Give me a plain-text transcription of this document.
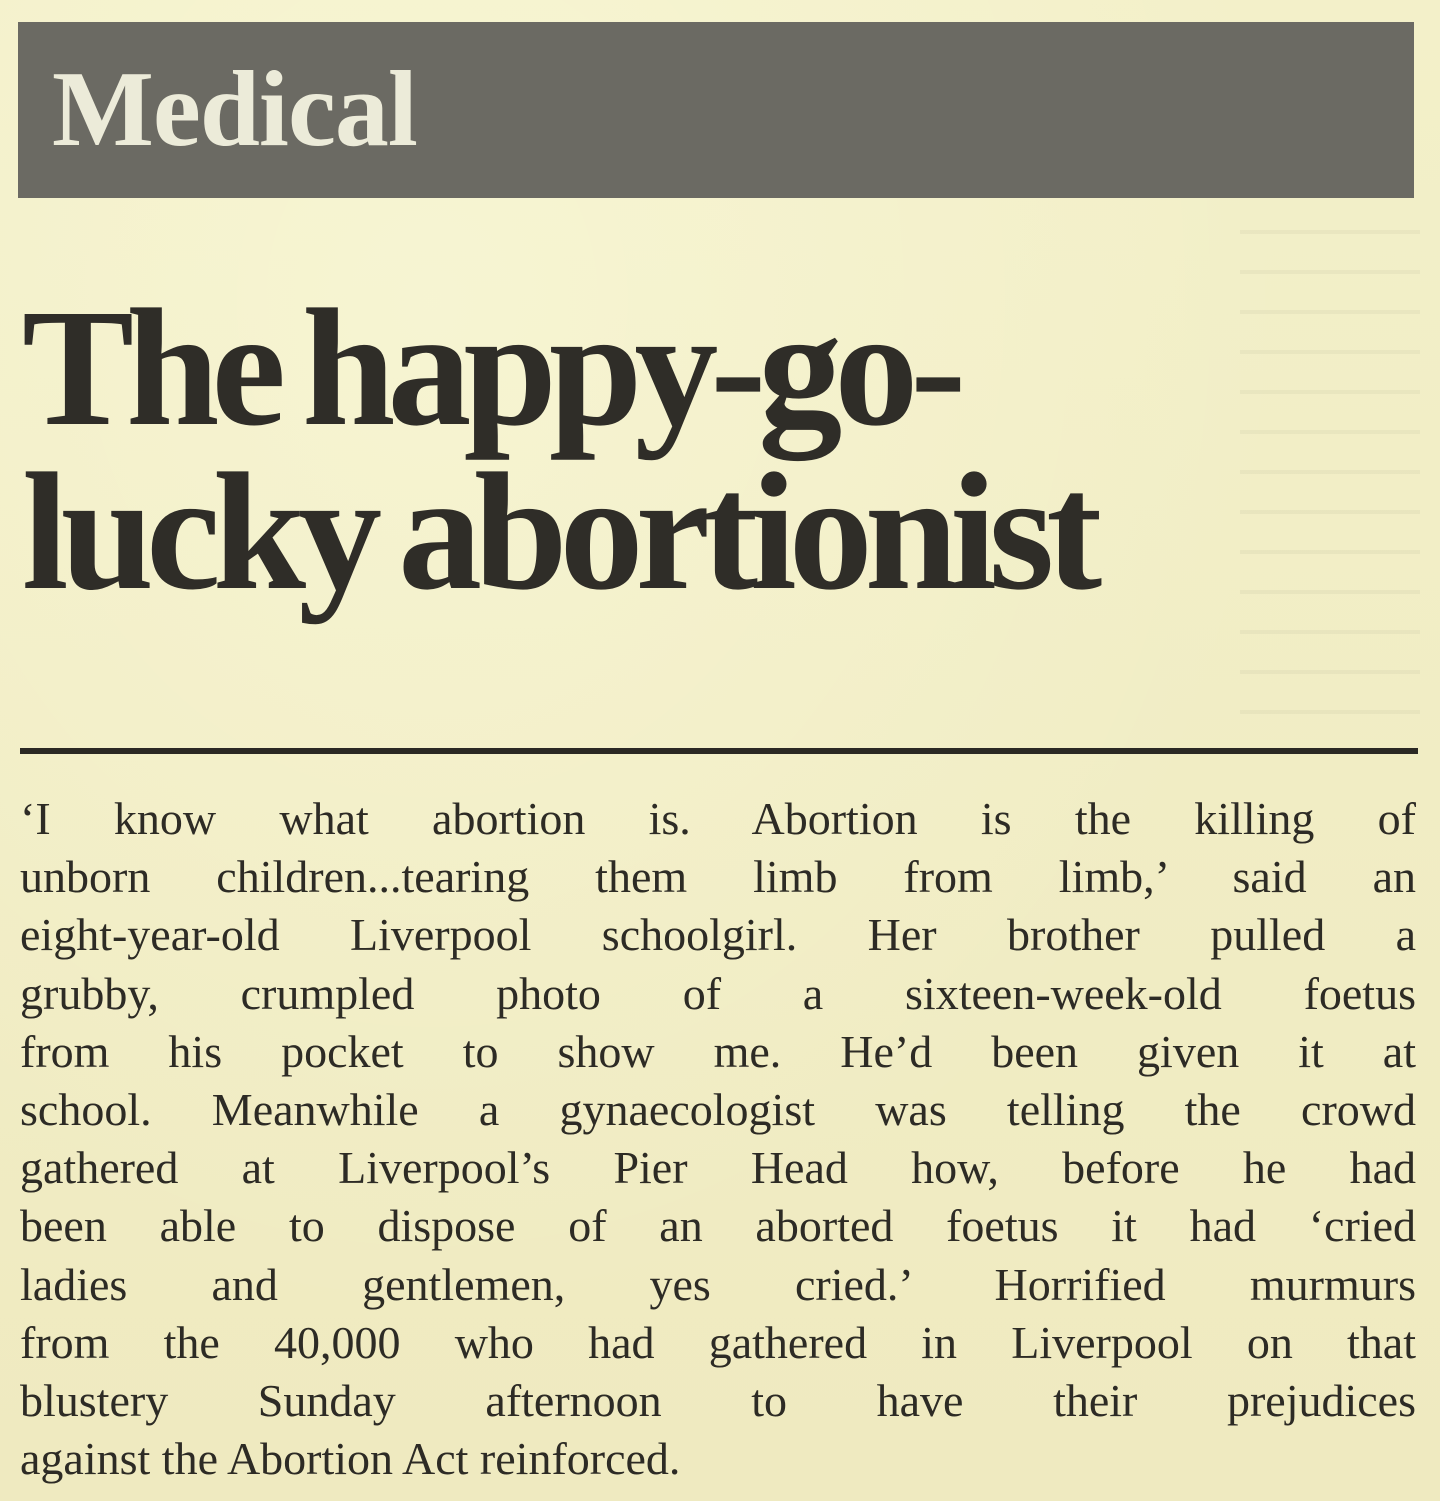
Medical
The happy-go-
lucky abortionist
‘I know what abortion is. Abortion is the killing of
unborn children...tearing them limb from limb,’ said an
eight-year-old Liverpool schoolgirl. Her brother pulled a
grubby, crumpled photo of a sixteen-week-old foetus
from his pocket to show me. He’d been given it at
school. Meanwhile a gynaecologist was telling the crowd
gathered at Liverpool’s Pier Head how, before he had
been able to dispose of an aborted foetus it had ‘cried
ladies and gentlemen, yes cried.’ Horrified murmurs
from the 40,000 who had gathered in Liverpool on that
blustery Sunday afternoon to have their prejudices
against the Abortion Act reinforced.
